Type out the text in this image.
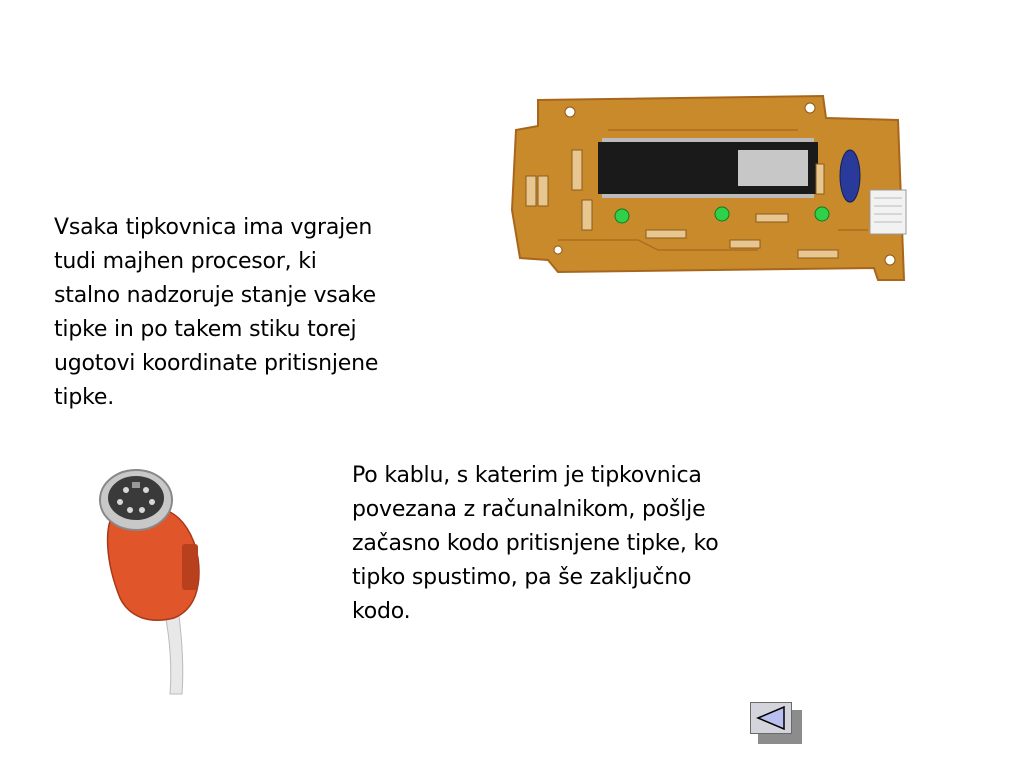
Vsaka tipkovnica ima vgrajen
tudi majhen procesor, ki
stalno nadzoruje stanje vsake
tipke in po takem stiku torej
ugotovi koordinate pritisnjene
tipke.
Po kablu, s katerim je tipkovnica
povezana z računalnikom, pošlje
začasno kodo pritisnjene tipke, ko
tipko spustimo, pa še zaključno
kodo.
